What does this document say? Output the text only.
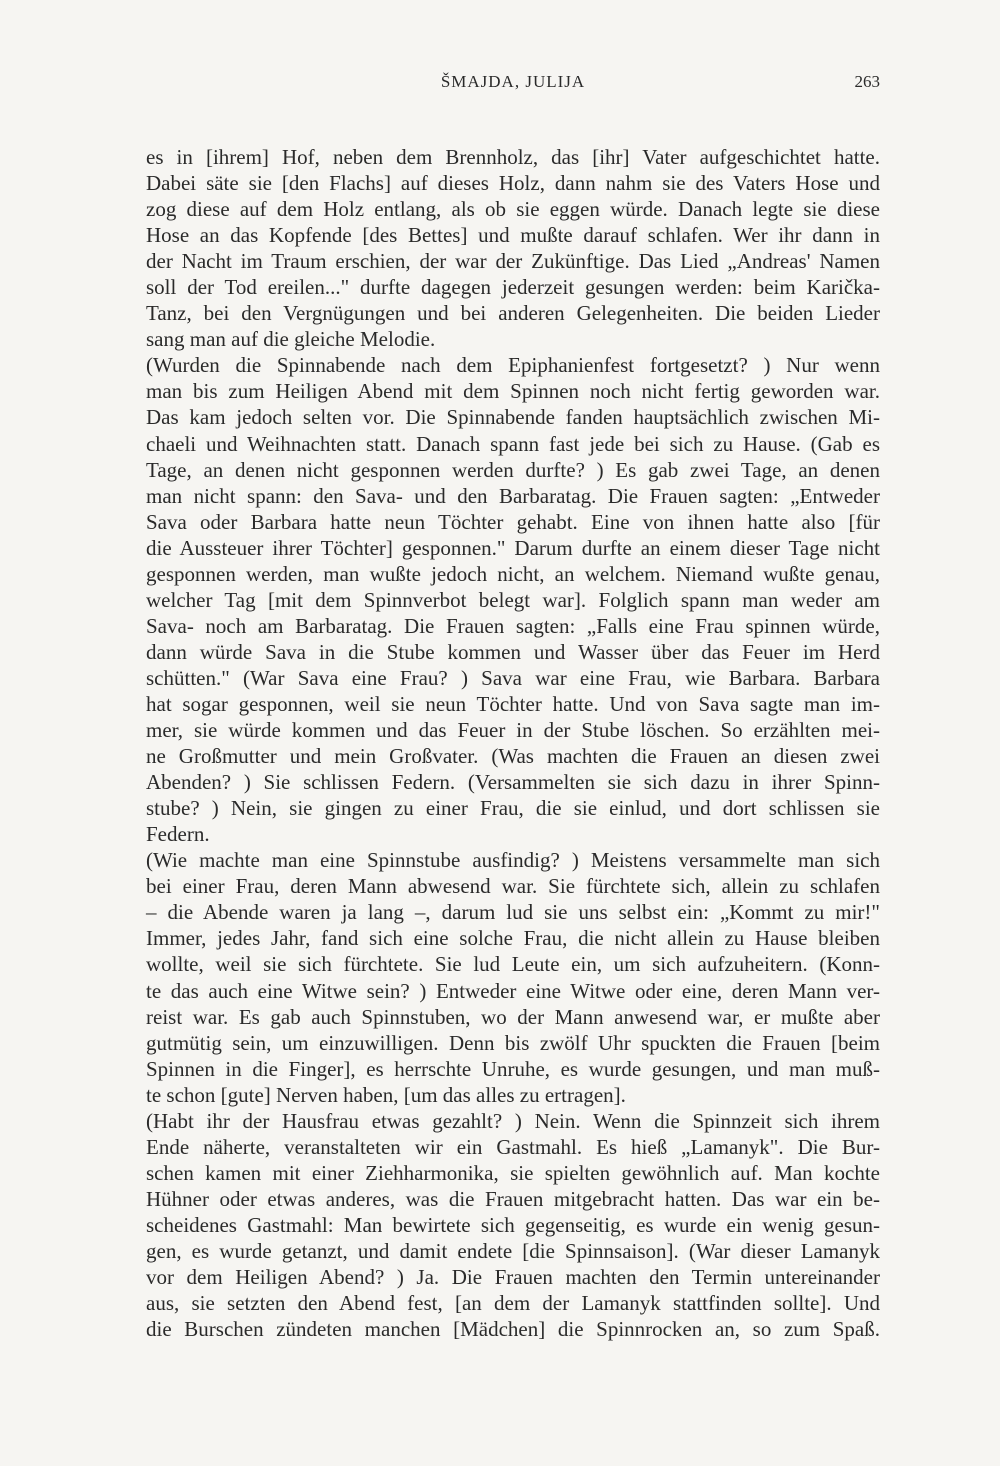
ŠMAJDA, JULIJA	263
es in [ihrem] Hof, neben dem Brennholz, das [ihr] Vater aufgeschichtet hatte.
Dabei säte sie [den Flachs] auf dieses Holz, dann nahm sie des Vaters Hose und
zog diese auf dem Holz entlang, als ob sie eggen würde. Danach legte sie diese
Hose an das Kopfende [des Bettes] und mußte darauf schlafen. Wer ihr dann in
der Nacht im Traum erschien, der war der Zukünftige. Das Lied „Andreas' Namen
soll der Tod ereilen..." durfte dagegen jederzeit gesungen werden: beim Karička-
Tanz, bei den Vergnügungen und bei anderen Gelegenheiten. Die beiden Lieder
sang man auf die gleiche Melodie.
(Wurden die Spinnabende nach dem Epiphanienfest fortgesetzt? ) Nur wenn
man bis zum Heiligen Abend mit dem Spinnen noch nicht fertig geworden war.
Das kam jedoch selten vor. Die Spinnabende fanden hauptsächlich zwischen Mi-
chaeli und Weihnachten statt. Danach spann fast jede bei sich zu Hause. (Gab es
Tage, an denen nicht gesponnen werden durfte? ) Es gab zwei Tage, an denen
man nicht spann: den Sava- und den Barbaratag. Die Frauen sagten: „Entweder
Sava oder Barbara hatte neun Töchter gehabt. Eine von ihnen hatte also [für
die Aussteuer ihrer Töchter] gesponnen." Darum durfte an einem dieser Tage nicht
gesponnen werden, man wußte jedoch nicht, an welchem. Niemand wußte genau,
welcher Tag [mit dem Spinnverbot belegt war]. Folglich spann man weder am
Sava- noch am Barbaratag. Die Frauen sagten: „Falls eine Frau spinnen würde,
dann würde Sava in die Stube kommen und Wasser über das Feuer im Herd
schütten." (War Sava eine Frau? ) Sava war eine Frau, wie Barbara. Barbara
hat sogar gesponnen, weil sie neun Töchter hatte. Und von Sava sagte man im-
mer, sie würde kommen und das Feuer in der Stube löschen. So erzählten mei-
ne Großmutter und mein Großvater. (Was machten die Frauen an diesen zwei
Abenden? ) Sie schlissen Federn. (Versammelten sie sich dazu in ihrer Spinn-
stube? ) Nein, sie gingen zu einer Frau, die sie einlud, und dort schlissen sie
Federn.
(Wie machte man eine Spinnstube ausfindig? ) Meistens versammelte man sich
bei einer Frau, deren Mann abwesend war. Sie fürchtete sich, allein zu schlafen
– die Abende waren ja lang –, darum lud sie uns selbst ein: „Kommt zu mir!"
Immer, jedes Jahr, fand sich eine solche Frau, die nicht allein zu Hause bleiben
wollte, weil sie sich fürchtete. Sie lud Leute ein, um sich aufzuheitern. (Konn-
te das auch eine Witwe sein? ) Entweder eine Witwe oder eine, deren Mann ver-
reist war. Es gab auch Spinnstuben, wo der Mann anwesend war, er mußte aber
gutmütig sein, um einzuwilligen. Denn bis zwölf Uhr spuckten die Frauen [beim
Spinnen in die Finger], es herrschte Unruhe, es wurde gesungen, und man muß-
te schon [gute] Nerven haben, [um das alles zu ertragen].
(Habt ihr der Hausfrau etwas gezahlt? ) Nein. Wenn die Spinnzeit sich ihrem
Ende näherte, veranstalteten wir ein Gastmahl. Es hieß „Lamanyk". Die Bur-
schen kamen mit einer Ziehharmonika, sie spielten gewöhnlich auf. Man kochte
Hühner oder etwas anderes, was die Frauen mitgebracht hatten. Das war ein be-
scheidenes Gastmahl: Man bewirtete sich gegenseitig, es wurde ein wenig gesun-
gen, es wurde getanzt, und damit endete [die Spinnsaison]. (War dieser Lamanyk
vor dem Heiligen Abend? ) Ja. Die Frauen machten den Termin untereinander
aus, sie setzten den Abend fest, [an dem der Lamanyk stattfinden sollte]. Und
die Burschen zündeten manchen [Mädchen] die Spinnrocken an, so zum Spaß.
